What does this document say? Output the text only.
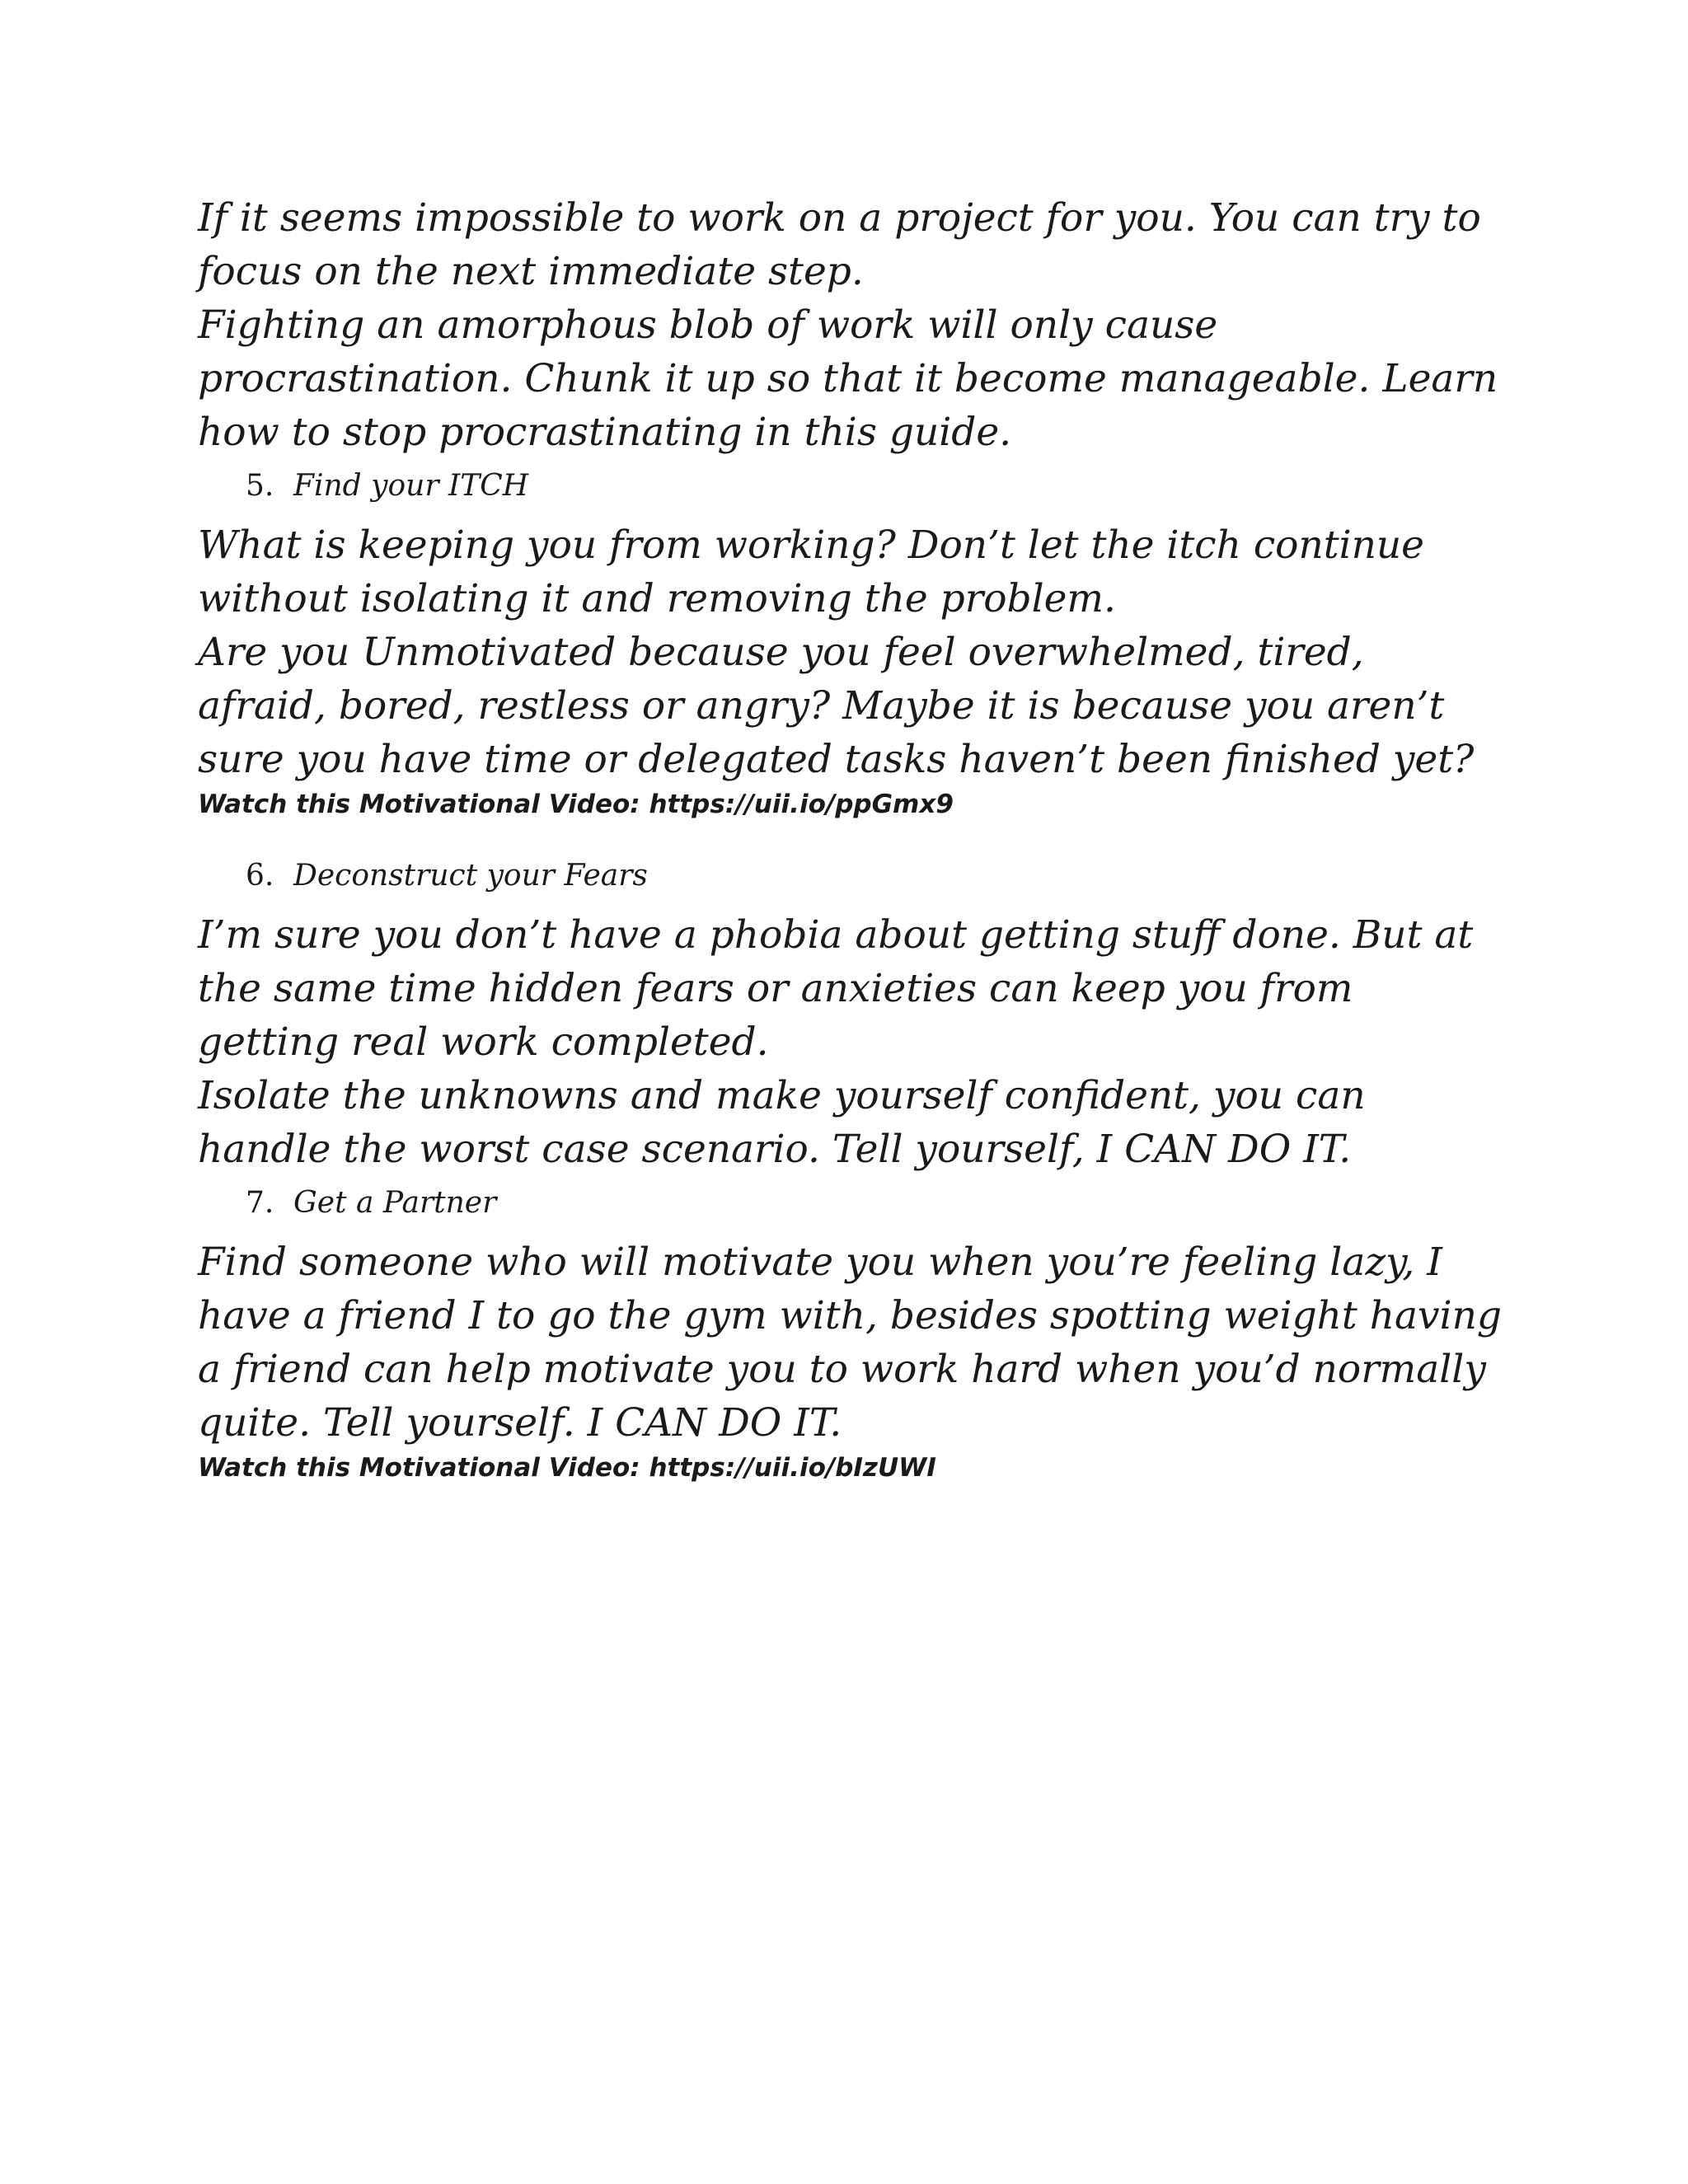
If it seems impossible to work on a project for you. You can try to
focus on the next immediate step.
Fighting an amorphous blob of work will only cause
procrastination. Chunk it up so that it become manageable. Learn
how to stop procrastinating in this guide.

5. Find your ITCH

What is keeping you from working? Don’t let the itch continue
without isolating it and removing the problem.
Are you Unmotivated because you feel overwhelmed, tired,
afraid, bored, restless or angry? Maybe it is because you aren’t
sure you have time or delegated tasks haven’t been finished yet?

Watch this Motivational Video: https://uii.io/ppGmx9

6. Deconstruct your Fears

I’m sure you don’t have a phobia about getting stuff done. But at
the same time hidden fears or anxieties can keep you from
getting real work completed.
Isolate the unknowns and make yourself confident, you can
handle the worst case scenario. Tell yourself, I CAN DO IT.

7. Get a Partner

Find someone who will motivate you when you’re feeling lazy, I
have a friend I to go the gym with, besides spotting weight having
a friend can help motivate you to work hard when you’d normally
quite. Tell yourself. I CAN DO IT.

Watch this Motivational Video: https://uii.io/bIzUWI
